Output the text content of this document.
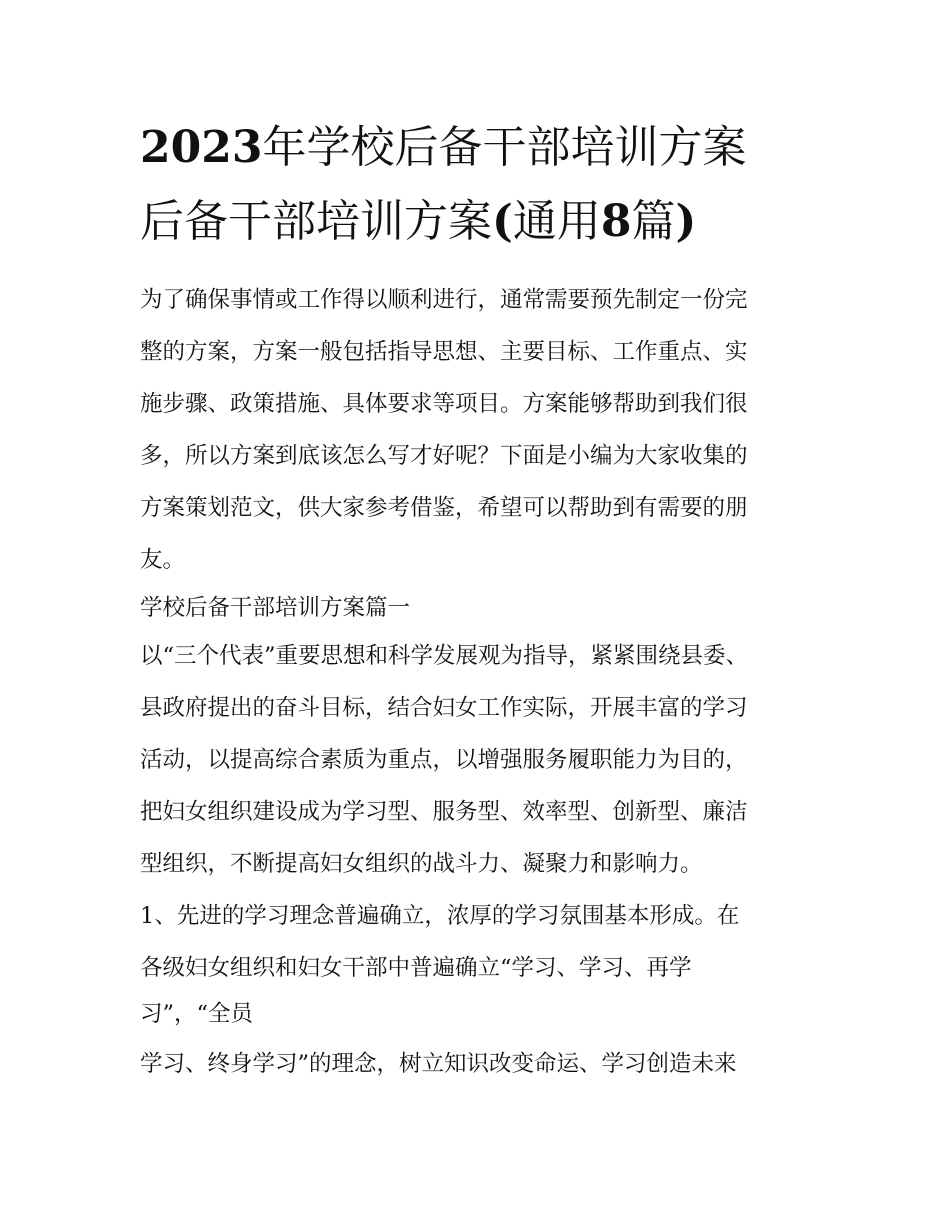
2023年学校后备干部培训方案
后备干部培训方案(通用8篇)
为了确保事情或工作得以顺利进行，通常需要预先制定一份完
整的方案，方案一般包括指导思想、主要目标、工作重点、实
施步骤、政策措施、具体要求等项目。方案能够帮助到我们很
多，所以方案到底该怎么写才好呢？下面是小编为大家收集的
方案策划范文，供大家参考借鉴，希望可以帮助到有需要的朋
友。
学校后备干部培训方案篇一
以“三个代表”重要思想和科学发展观为指导，紧紧围绕县委、
县政府提出的奋斗目标，结合妇女工作实际，开展丰富的学习
活动，以提高综合素质为重点，以增强服务履职能力为目的，
把妇女组织建设成为学习型、服务型、效率型、创新型、廉洁
型组织，不断提高妇女组织的战斗力、凝聚力和影响力。
1、先进的学习理念普遍确立，浓厚的学习氛围基本形成。在
各级妇女组织和妇女干部中普遍确立“学习、学习、再学
习”，“全员
学习、终身学习”的理念，树立知识改变命运、学习创造未来
